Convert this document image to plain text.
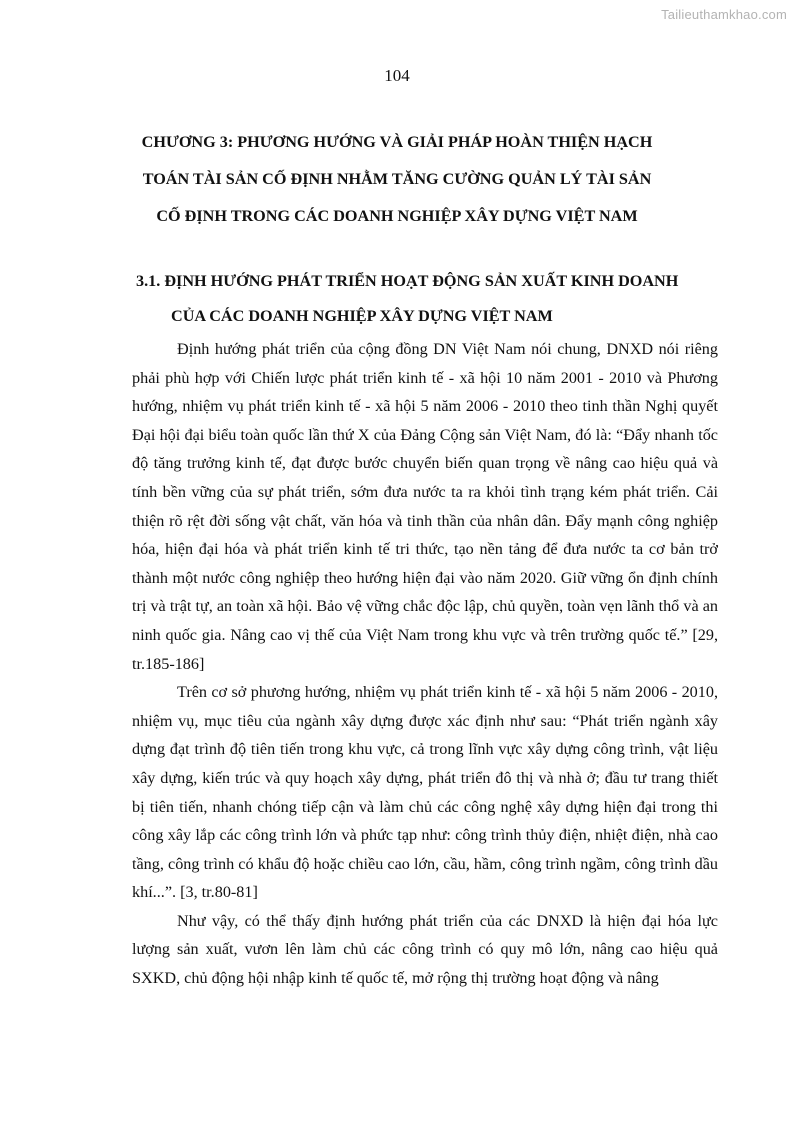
Tailieuthamkhao.com
104
CHƯƠNG 3: PHƯƠNG HƯỚNG VÀ GIẢI PHÁP HOÀN THIỆN HẠCH
TOÁN TÀI SẢN CỐ ĐỊNH NHẰM TĂNG CƯỜNG QUẢN LÝ TÀI SẢN
CỐ ĐỊNH TRONG CÁC DOANH NGHIỆP XÂY DỰNG VIỆT NAM
3.1. ĐỊNH HƯỚNG PHÁT TRIỂN HOẠT ĐỘNG SẢN XUẤT KINH DOANH
CỦA CÁC DOANH NGHIỆP XÂY DỰNG VIỆT NAM

Định hướng phát triển của cộng đồng DN Việt Nam nói chung, DNXD nói riêng phải phù hợp với Chiến lược phát triển kinh tế - xã hội 10 năm 2001 - 2010 và Phương hướng, nhiệm vụ phát triển kinh tế - xã hội 5 năm 2006 - 2010 theo tinh thần Nghị quyết Đại hội đại biểu toàn quốc lần thứ X của Đảng Cộng sản Việt Nam, đó là: “Đẩy nhanh tốc độ tăng trưởng kinh tế, đạt được bước chuyển biến quan trọng về nâng cao hiệu quả và tính bền vững của sự phát triển, sớm đưa nước ta ra khỏi tình trạng kém phát triển. Cải thiện rõ rệt đời sống vật chất, văn hóa và tinh thần của nhân dân. Đẩy mạnh công nghiệp hóa, hiện đại hóa và phát triển kinh tế tri thức, tạo nền tảng để đưa nước ta cơ bản trở thành một nước công nghiệp theo hướng hiện đại vào năm 2020. Giữ vững ổn định chính trị và trật tự, an toàn xã hội. Bảo vệ vững chắc độc lập, chủ quyền, toàn vẹn lãnh thổ và an ninh quốc gia. Nâng cao vị thế của Việt Nam trong khu vực và trên trường quốc tế.” [29, tr.185-186]

Trên cơ sở phương hướng, nhiệm vụ phát triển kinh tế - xã hội 5 năm 2006 - 2010, nhiệm vụ, mục tiêu của ngành xây dựng được xác định như sau: “Phát triển ngành xây dựng đạt trình độ tiên tiến trong khu vực, cả trong lĩnh vực xây dựng công trình, vật liệu xây dựng, kiến trúc và quy hoạch xây dựng, phát triển đô thị và nhà ở; đầu tư trang thiết bị tiên tiến, nhanh chóng tiếp cận và làm chủ các công nghệ xây dựng hiện đại trong thi công xây lắp các công trình lớn và phức tạp như: công trình thủy điện, nhiệt điện, nhà cao tầng, công trình có khẩu độ hoặc chiều cao lớn, cầu, hầm, công trình ngầm, công trình dầu khí...”. [3, tr.80-81]

Như vậy, có thể thấy định hướng phát triển của các DNXD là hiện đại hóa lực lượng sản xuất, vươn lên làm chủ các công trình có quy mô lớn, nâng cao hiệu quả SXKD, chủ động hội nhập kinh tế quốc tế, mở rộng thị trường hoạt động và nâng
